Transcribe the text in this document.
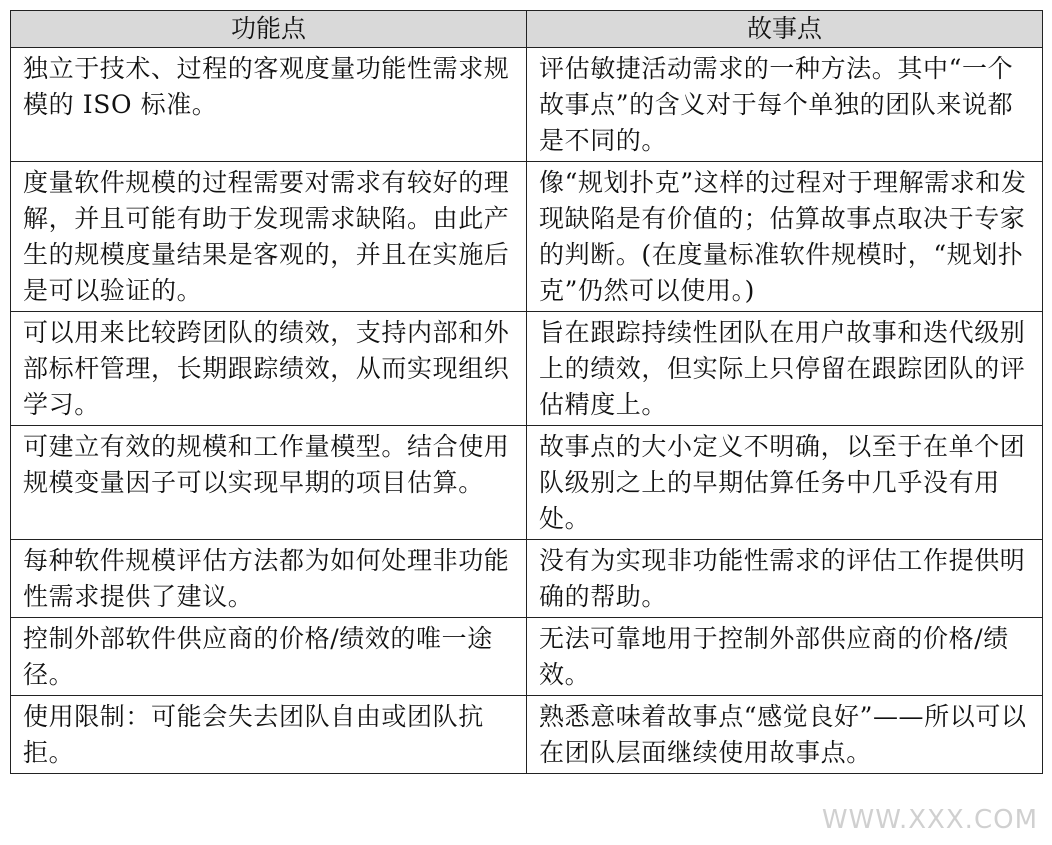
功能点	故事点
独立于技术、过程的客观度量功能性需求规模的 ISO 标准。	评估敏捷活动需求的一种方法。其中“一个故事点”的含义对于每个单独的团队来说都是不同的。
度量软件规模的过程需要对需求有较好的理解，并且可能有助于发现需求缺陷。由此产生的规模度量结果是客观的，并且在实施后是可以验证的。	像“规划扑克”这样的过程对于理解需求和发现缺陷是有价值的；估算故事点取决于专家的判断。(在度量标准软件规模时，“规划扑克”仍然可以使用。)
可以用来比较跨团队的绩效，支持内部和外部标杆管理，长期跟踪绩效，从而实现组织学习。	旨在跟踪持续性团队在用户故事和迭代级别上的绩效，但实际上只停留在跟踪团队的评估精度上。
可建立有效的规模和工作量模型。结合使用规模变量因子可以实现早期的项目估算。	故事点的大小定义不明确，以至于在单个团队级别之上的早期估算任务中几乎没有用处。
每种软件规模评估方法都为如何处理非功能性需求提供了建议。	没有为实现非功能性需求的评估工作提供明确的帮助。
控制外部软件供应商的价格/绩效的唯一途径。	无法可靠地用于控制外部供应商的价格/绩效。
使用限制：可能会失去团队自由或团队抗拒。	熟悉意味着故事点“感觉良好”——所以可以在团队层面继续使用故事点。
WWW.XXX.COM
